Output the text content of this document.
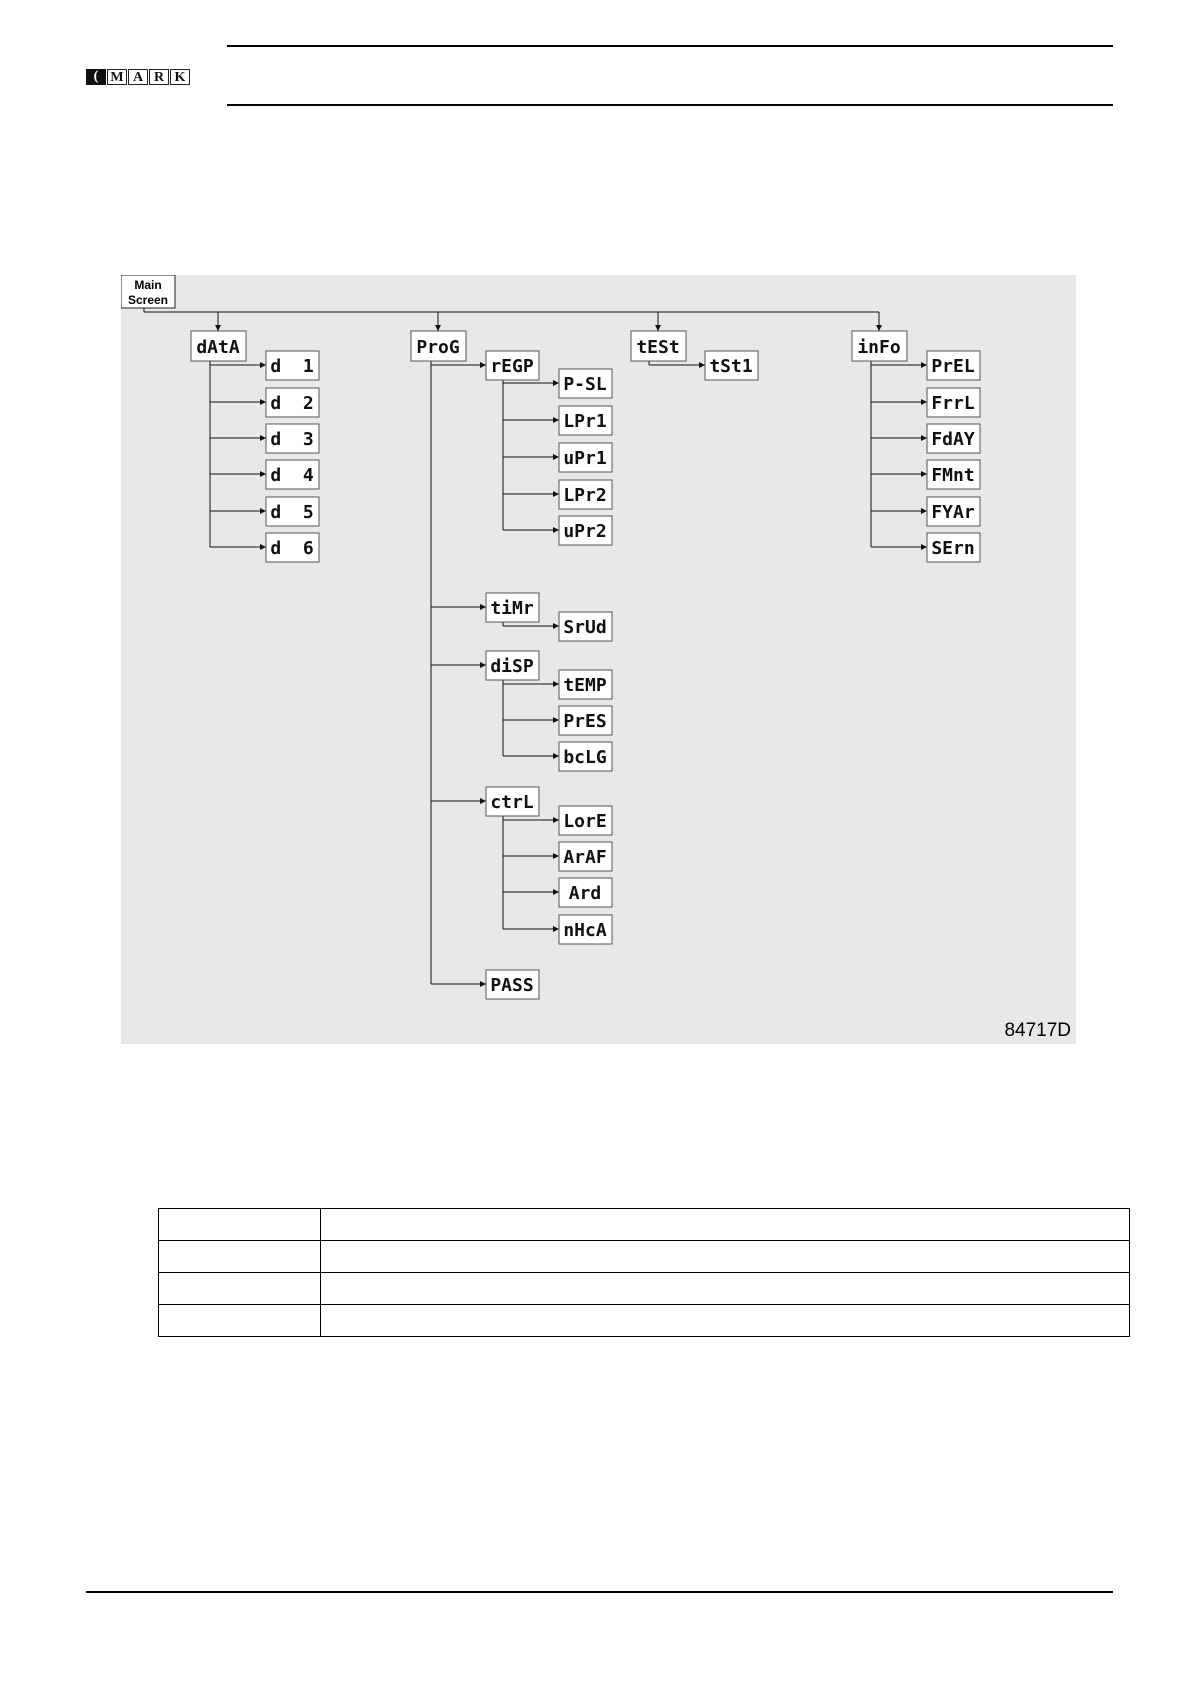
( M A R K
Main
Screen
dAtA	ProG	tESt	inFo
d  1
d  2
d  3
d  4
d  5
d  6
rEGP
tiMr
diSP
ctrL
PASS
P-SL
LPr1
uPr1
LPr2
uPr2
SrUd
tEMP
PrES
bcLG
LorE
ArAF
Ard
nHcA
tSt1	PrEL
FrrL
FdAY
FMnt
FYAr
SErn
84717D
